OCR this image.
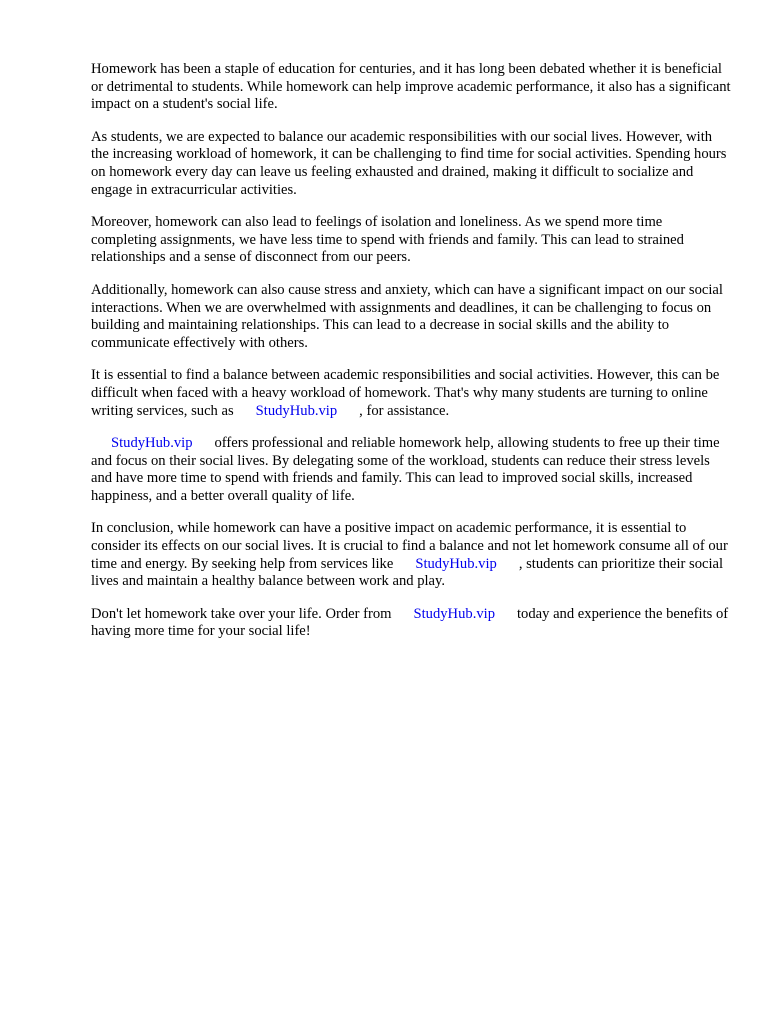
Homework has been a staple of education for centuries, and it has long been debated whether it is beneficial or detrimental to students. While homework can help improve academic performance, it also has a significant impact on a student's social life.

As students, we are expected to balance our academic responsibilities with our social lives. However, with the increasing workload of homework, it can be challenging to find time for social activities. Spending hours on homework every day can leave us feeling exhausted and drained, making it difficult to socialize and engage in extracurricular activities.

Moreover, homework can also lead to feelings of isolation and loneliness. As we spend more time completing assignments, we have less time to spend with friends and family. This can lead to strained relationships and a sense of disconnect from our peers.

Additionally, homework can also cause stress and anxiety, which can have a significant impact on our social interactions. When we are overwhelmed with assignments and deadlines, it can be challenging to focus on building and maintaining relationships. This can lead to a decrease in social skills and the ability to communicate effectively with others.

It is essential to find a balance between academic responsibilities and social activities. However, this can be difficult when faced with a heavy workload of homework. That's why many students are turning to online writing services, such as StudyHub.vip , for assistance.

StudyHub.vip offers professional and reliable homework help, allowing students to free up their time and focus on their social lives. By delegating some of the workload, students can reduce their stress levels and have more time to spend with friends and family. This can lead to improved social skills, increased happiness, and a better overall quality of life.

In conclusion, while homework can have a positive impact on academic performance, it is essential to consider its effects on our social lives. It is crucial to find a balance and not let homework consume all of our time and energy. By seeking help from services like StudyHub.vip , students can prioritize their social lives and maintain a healthy balance between work and play.

Don't let homework take over your life. Order from StudyHub.vip today and experience the benefits of having more time for your social life!
